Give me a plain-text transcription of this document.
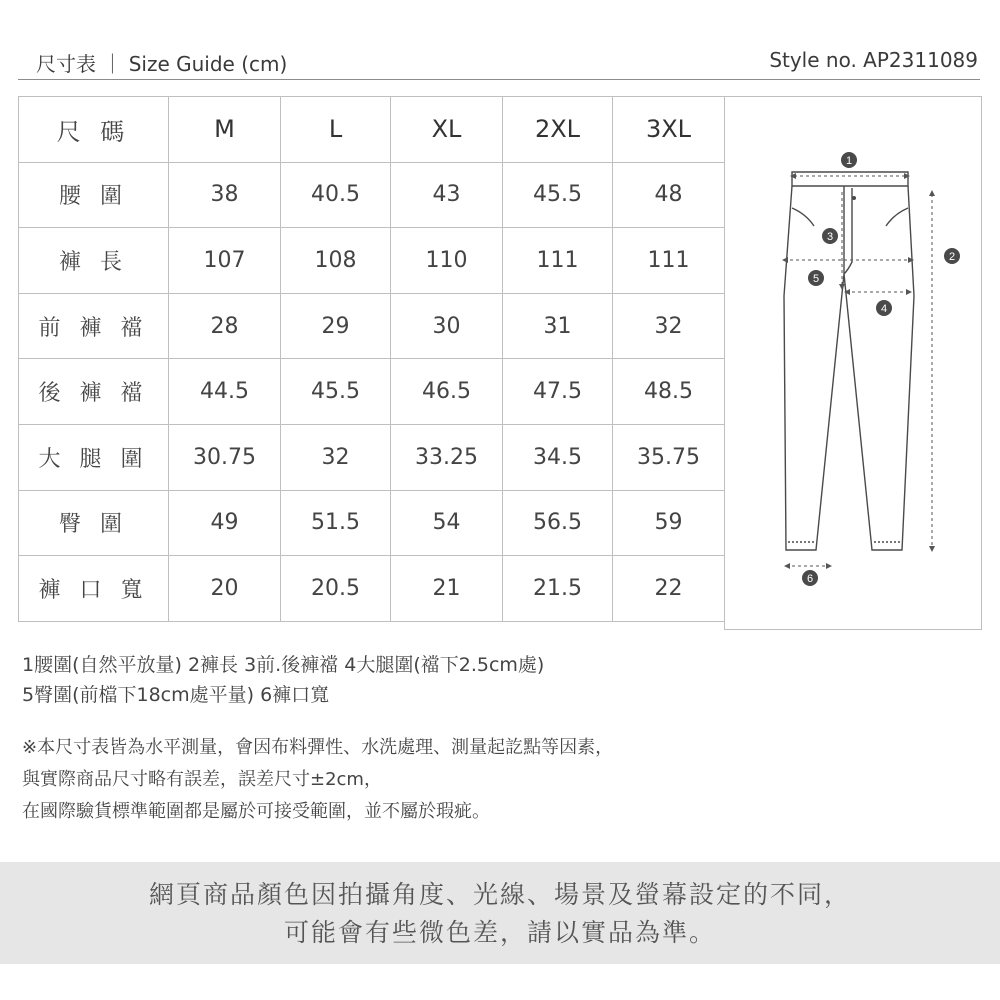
尺寸表 ｜ Size Guide (cm)	Style no. AP2311089
尺 碼	M	L	XL	2XL	3XL
腰 圍	38	40.5	43	45.5	48
褲 長	107	108	110	111	111
前 褲 襠	28	29	30	31	32
後 褲 襠	44.5	45.5	46.5	47.5	48.5
大 腿 圍	30.75	32	33.25	34.5	35.75
臀 圍	49	51.5	54	56.5	59
褲 口 寬	20	20.5	21	21.5	22
1
2
3
4
5
6
1腰圍(自然平放量) 2褲長 3前.後褲襠 4大腿圍(襠下2.5cm處)
5臀圍(前檔下18cm處平量) 6褲口寬
※本尺寸表皆為水平測量，會因布料彈性、水洗處理、測量起訖點等因素，
與實際商品尺寸略有誤差，誤差尺寸±2cm，
在國際驗貨標準範圍都是屬於可接受範圍，並不屬於瑕疵。
網頁商品顏色因拍攝角度、光線、場景及螢幕設定的不同，
可能會有些微色差，請以實品為準。
